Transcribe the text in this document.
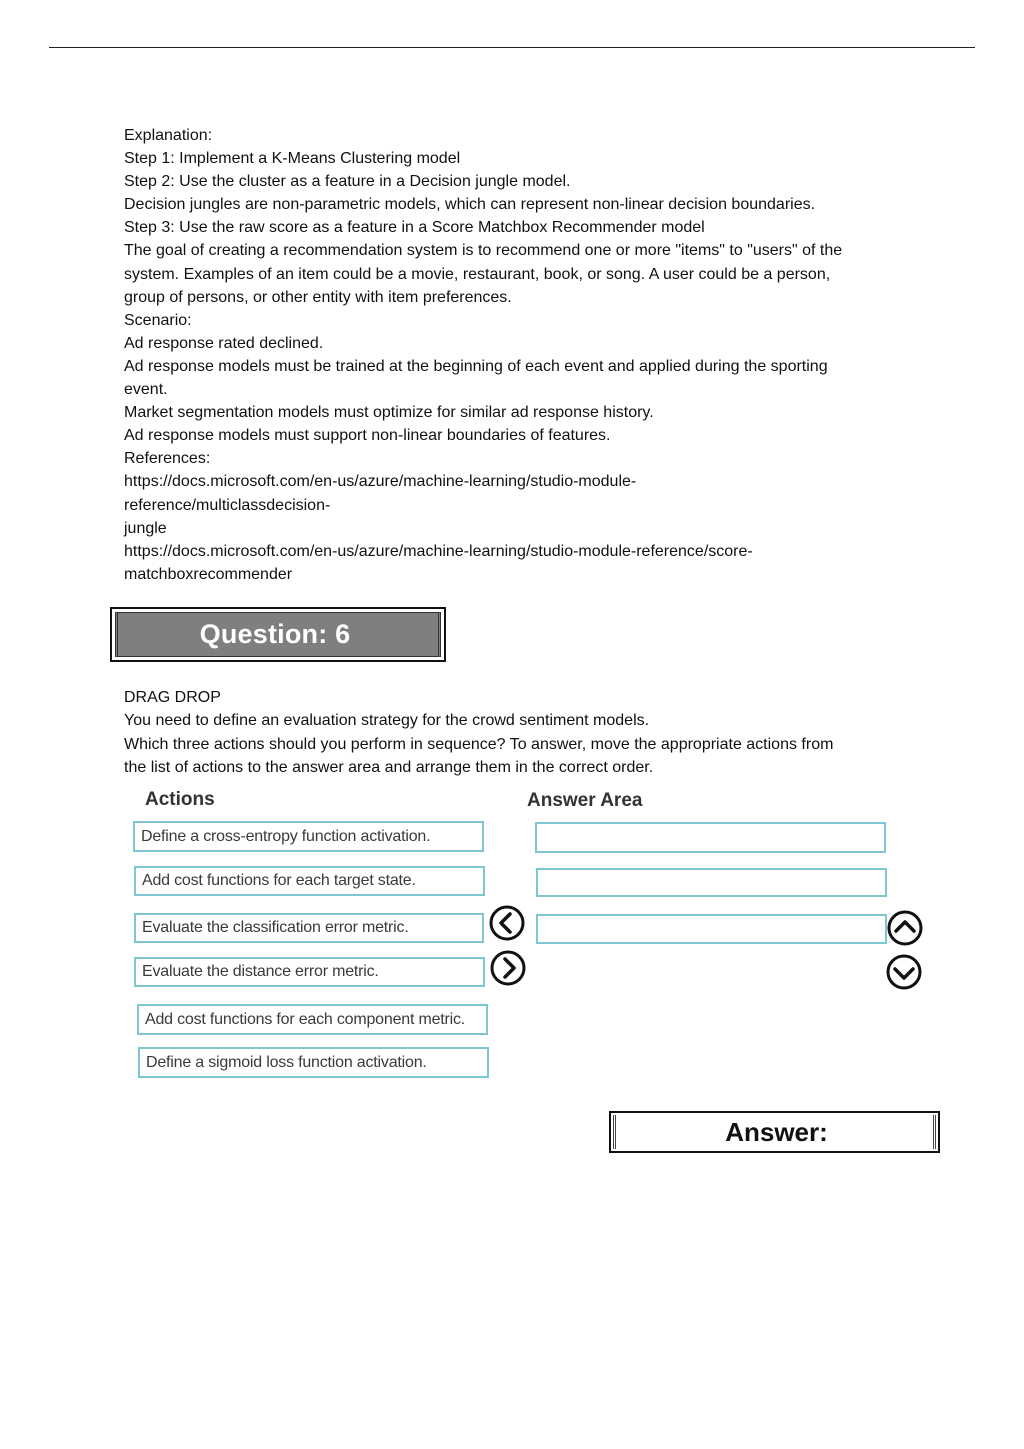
Explanation:
Step 1: Implement a K-Means Clustering model
Step 2: Use the cluster as a feature in a Decision jungle model.
Decision jungles are non-parametric models, which can represent non-linear decision boundaries.
Step 3: Use the raw score as a feature in a Score Matchbox Recommender model
The goal of creating a recommendation system is to recommend one or more "items" to "users" of the
system. Examples of an item could be a movie, restaurant, book, or song. A user could be a person,
group of persons, or other entity with item preferences.
Scenario:
Ad response rated declined.
Ad response models must be trained at the beginning of each event and applied during the sporting
event.
Market segmentation models must optimize for similar ad response history.
Ad response models must support non-linear boundaries of features.
References:
https://docs.microsoft.com/en-us/azure/machine-learning/studio-module-
reference/multiclassdecision-
jungle
https://docs.microsoft.com/en-us/azure/machine-learning/studio-module-reference/score-
matchboxrecommender
Question: 6
DRAG DROP
You need to define an evaluation strategy for the crowd sentiment models.
Which three actions should you perform in sequence? To answer, move the appropriate actions from
the list of actions to the answer area and arrange them in the correct order.
Actions	Answer Area
Define a cross-entropy function activation.
Add cost functions for each target state.
Evaluate the classification error metric.
Evaluate the distance error metric.
Add cost functions for each component metric.
Define a sigmoid loss function activation.
Answer:
